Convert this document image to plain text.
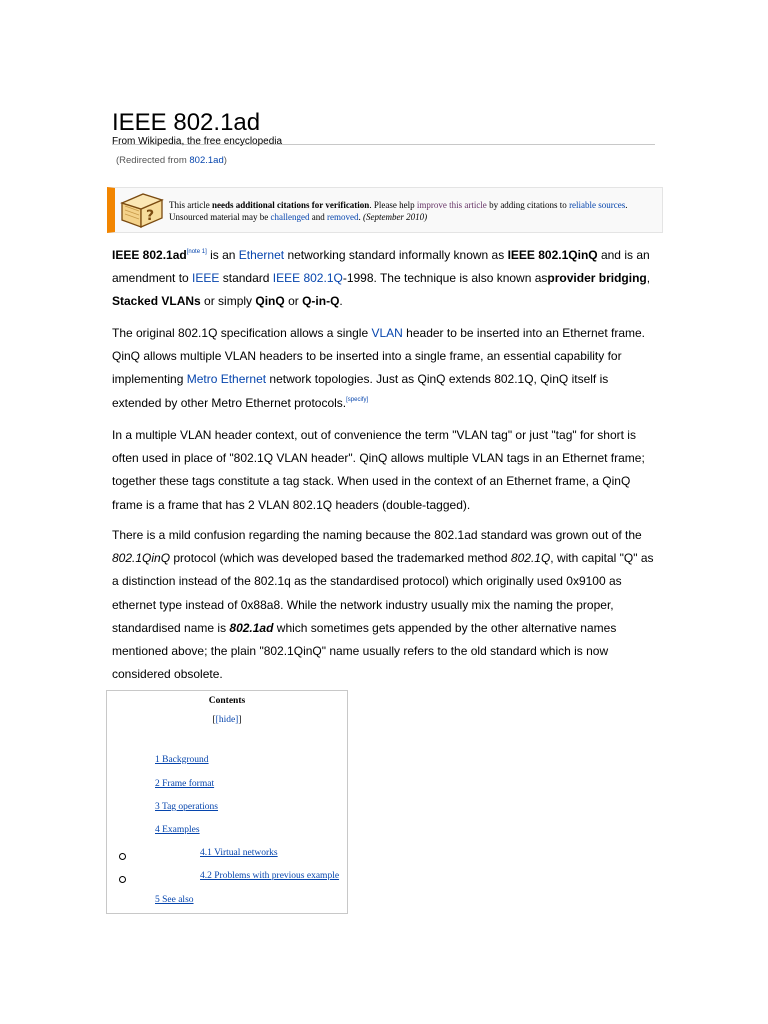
IEEE 802.1ad
From Wikipedia, the free encyclopedia
(Redirected from 802.1ad)
?
This article needs additional citations for verification. Please help improve this article by adding citations to reliable sources. Unsourced material may be challenged and removed. (September 2010)

IEEE 802.1ad[note 1] is an Ethernet networking standard informally known as IEEE 802.1QinQ and is an amendment to IEEE standard IEEE 802.1Q-1998. The technique is also known asprovider bridging, Stacked VLANs or simply QinQ or Q-in-Q.

The original 802.1Q specification allows a single VLAN header to be inserted into an Ethernet frame. QinQ allows multiple VLAN headers to be inserted into a single frame, an essential capability for implementing Metro Ethernet network topologies. Just as QinQ extends 802.1Q, QinQ itself is extended by other Metro Ethernet protocols.[specify]

In a multiple VLAN header context, out of convenience the term "VLAN tag" or just "tag" for short is often used in place of "802.1Q VLAN header". QinQ allows multiple VLAN tags in an Ethernet frame; together these tags constitute a tag stack. When used in the context of an Ethernet frame, a QinQ frame is a frame that has 2 VLAN 802.1Q headers (double-tagged).

There is a mild confusion regarding the naming because the 802.1ad standard was grown out of the 802.1QinQ protocol (which was developed based the trademarked method 802.1Q, with capital "Q" as a distinction instead of the 802.1q as the standardised protocol) which originally used 0x9100 as ethernet type instead of 0x88a8. While the network industry usually mix the naming the proper, standardised name is 802.1ad which sometimes gets appended by the other alternative names mentioned above; the plain "802.1QinQ" name usually refers to the old standard which is now considered obsolete.

Contents
[[hide]]
1 Background
2 Frame format
3 Tag operations
4 Examples
4.1 Virtual networks
4.2 Problems with previous example
5 See also
